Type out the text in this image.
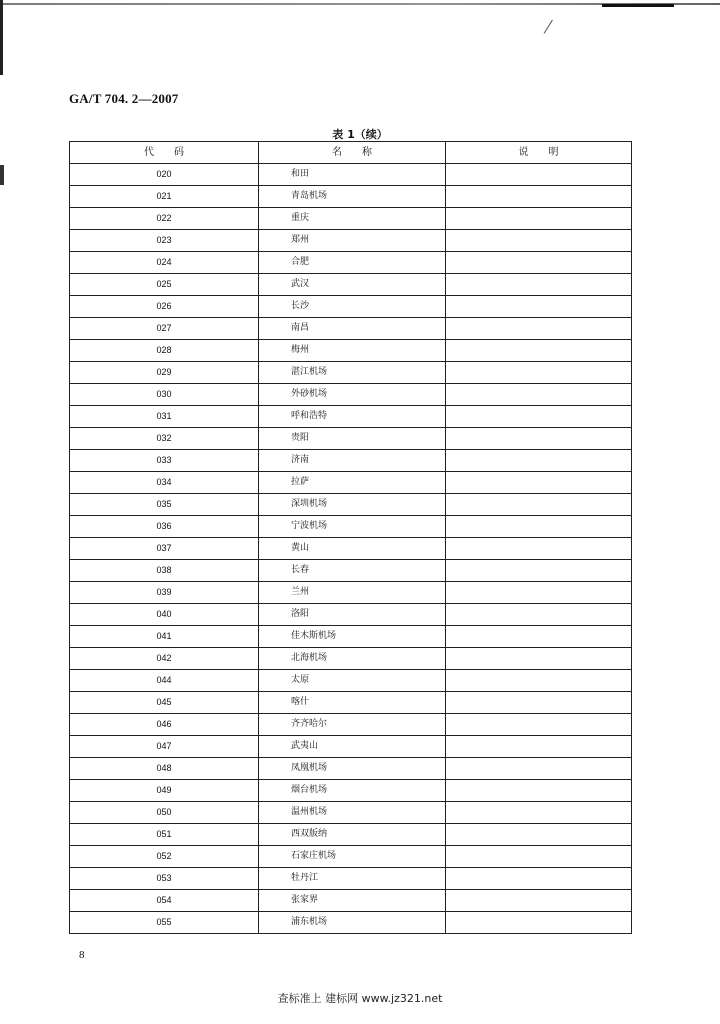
GA/T 704. 2—2007
表 1（续）
代　　码	名　　称	说　　明
020	和田	
021	青岛机场	
022	重庆	
023	郑州	
024	合肥	
025	武汉	
026	长沙	
027	南昌	
028	梅州	
029	湛江机场	
030	外砂机场	
031	呼和浩特	
032	贵阳	
033	济南	
034	拉萨	
035	深圳机场	
036	宁波机场	
037	黄山	
038	长春	
039	兰州	
040	洛阳	
041	佳木斯机场	
042	北海机场	
044	太原	
045	喀什	
046	齐齐哈尔	
047	武夷山	
048	凤凰机场	
049	烟台机场	
050	温州机场	
051	西双版纳	
052	石家庄机场	
053	牡丹江	
054	张家界	
055	浦东机场	
8
查标准上 建标网 www.jz321.net
